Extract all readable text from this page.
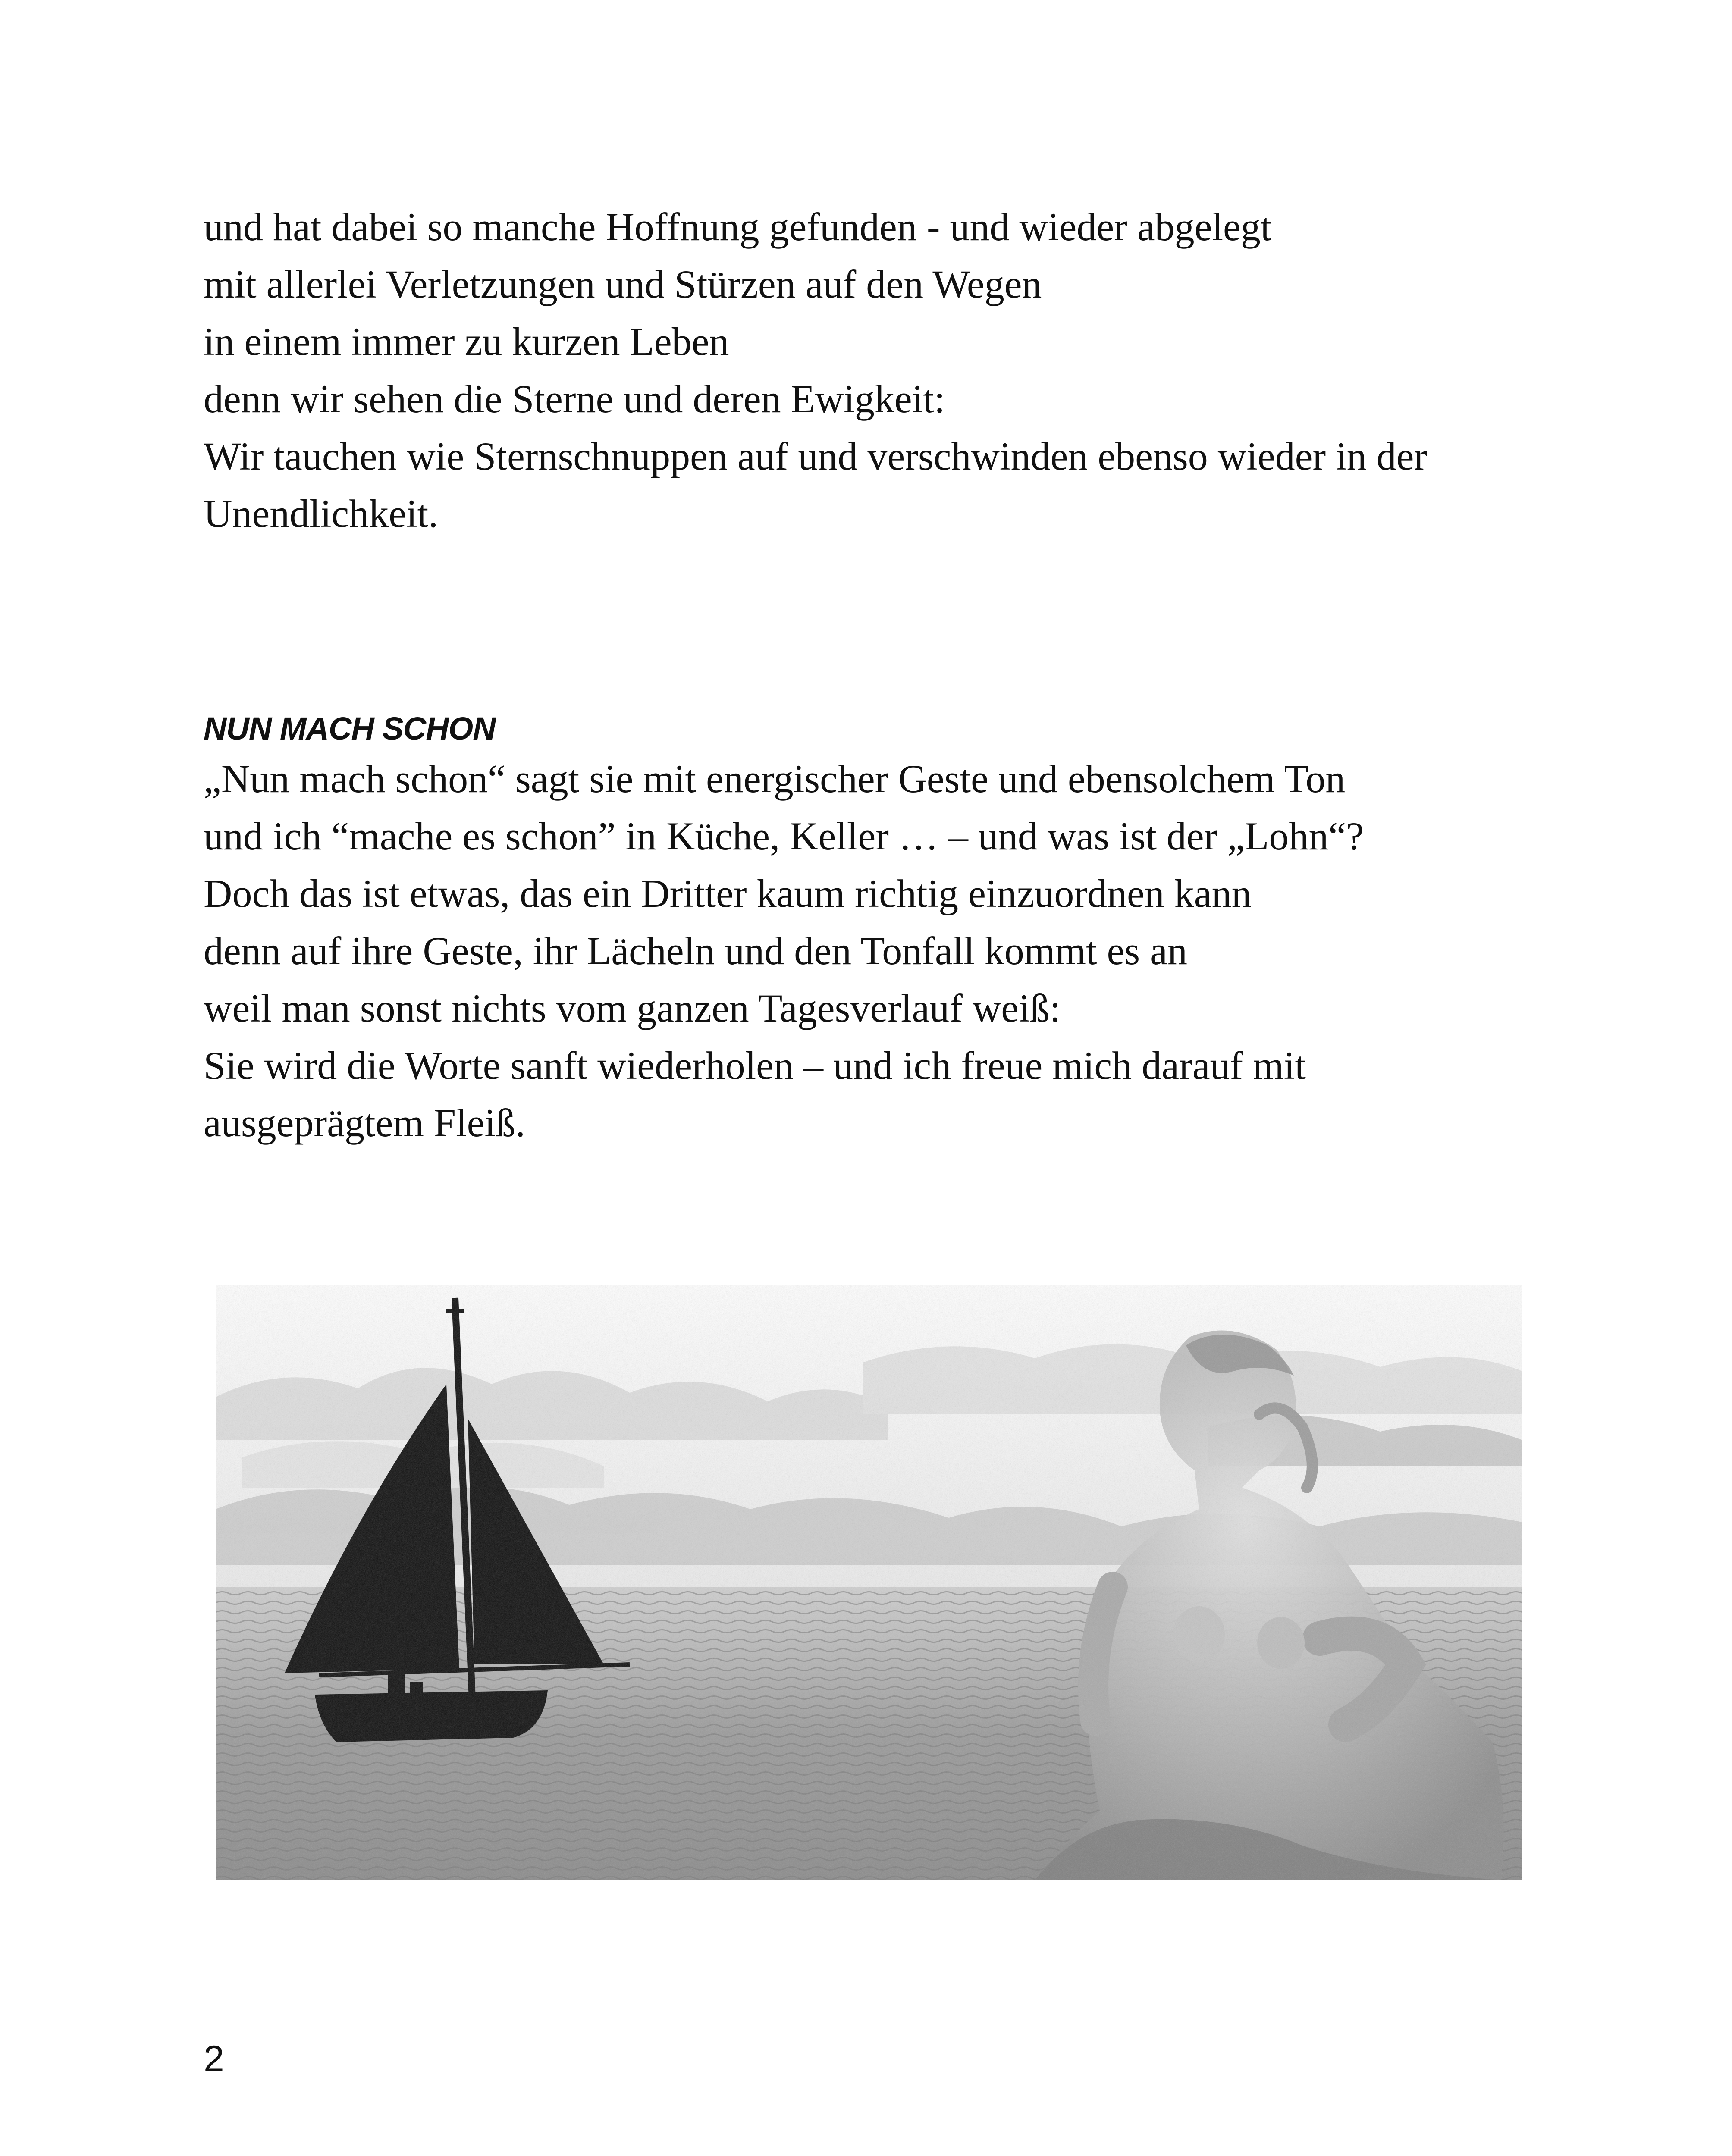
und hat dabei so manche Hoffnung gefunden - und wieder abgelegt
mit allerlei Verletzungen und Stürzen auf den Wegen
in einem immer zu kurzen Leben
denn wir sehen die Sterne und deren Ewigkeit:
Wir tauchen wie Sternschnuppen auf und verschwinden ebenso wieder in der
Unendlichkeit.
NUN MACH SCHON
„Nun mach schon“ sagt sie mit energischer Geste und ebensolchem Ton
und ich “mache es schon” in Küche, Keller … – und was ist der „Lohn“?
Doch das ist etwas, das ein Dritter kaum richtig einzuordnen kann
denn auf ihre Geste, ihr Lächeln und den Tonfall kommt es an
weil man sonst nichts vom ganzen Tagesverlauf weiß:
Sie wird die Worte sanft wiederholen – und ich freue mich darauf mit
ausgeprägtem Fleiß.
2
